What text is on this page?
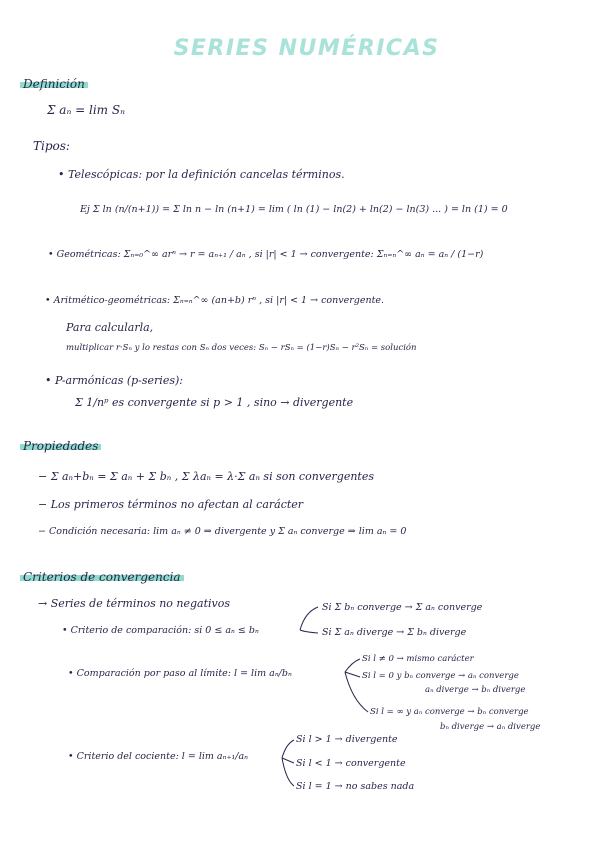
SERIES NUMÉRICAS
Definición
Σ aₙ = lim Sₙ
Tipos:
• Telescópicas: por la definición cancelas términos.
Ej Σ ln (n/(n+1)) = Σ ln n − ln (n+1) = lim ( ln (1) − ln(2) + ln(2) − ln(3) ... ) = ln (1) = 0
• Geométricas: Σₙ₌₀^∞ arⁿ → r = aₙ₊₁ / aₙ , si |r| < 1 → convergente: Σₙ₌ₙ^∞ aₙ = aₙ / (1−r)
• Aritmético-geométricas: Σₙ₌ₙ^∞ (an+b) rⁿ , si |r| < 1 → convergente.
Para calcularla,
multiplicar r·Sₙ y lo restas con Sₙ dos veces: Sₙ − rSₙ = (1−r)Sₙ − r²Sₙ = solución
• P-armónicas (p-series):
Σ 1/nᵖ es convergente si p > 1 , sino → divergente
Propiedades
− Σ aₙ+bₙ = Σ aₙ + Σ bₙ , Σ λaₙ = λ·Σ aₙ si son convergentes
− Los primeros términos no afectan al carácter
− Condición necesaria: lim aₙ ≠ 0 ⇒ divergente y Σ aₙ converge ⇒ lim aₙ = 0
Criterios de convergencia
→ Series de términos no negativos
• Criterio de comparación: si 0 ≤ aₙ ≤ bₙ
Si Σ bₙ converge → Σ aₙ converge
Si Σ aₙ diverge → Σ bₙ diverge
• Comparación por paso al límite: l = lim aₙ/bₙ
Si l ≠ 0 → mismo carácter
Si l = 0 y bₙ converge → aₙ converge
aₙ diverge → bₙ diverge
Si l = ∞ y aₙ converge → bₙ converge
bₙ diverge → aₙ diverge
• Criterio del cociente: l = lim aₙ₊₁/aₙ
Si l > 1 → divergente
Si l < 1 → convergente
Si l = 1 → no sabes nada
